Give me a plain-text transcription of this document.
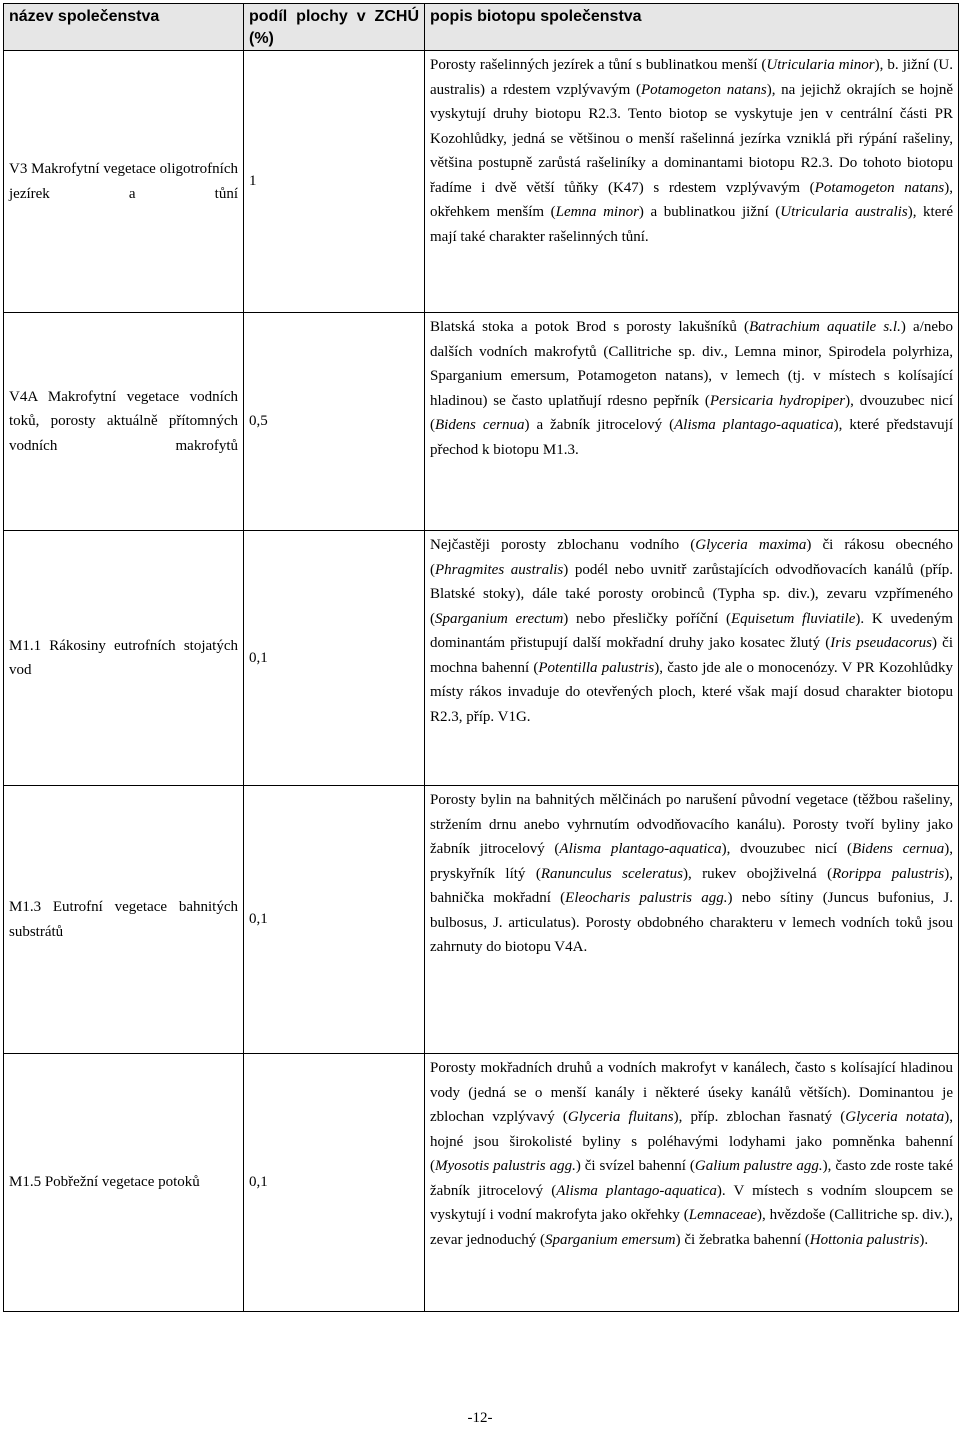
název společenstva	podíl plochy v ZCHÚ (%)	popis biotopu společenstva
V3 Makrofytní vegetace oligotrofních jezírek a tůní	1	Porosty rašelinných jezírek a tůní s bublinatkou menší (Utricularia minor), b. jižní (U. australis) a rdestem vzplývavým (Potamogeton natans), na jejichž okrajích se hojně vyskytují druhy biotopu R2.3. Tento biotop se vyskytuje jen v centrální části PR Kozohlůdky, jedná se většinou o menší rašelinná jezírka vzniklá při rýpání rašeliny, většina postupně zarůstá rašeliníky a dominantami biotopu R2.3. Do tohoto biotopu řadíme i dvě větší tůňky (K47) s rdestem vzplývavým (Potamogeton natans), okřehkem menším (Lemna minor) a bublinatkou jižní (Utricularia australis), které mají také charakter rašelinných tůní.
V4A Makrofytní vegetace vodních toků, porosty aktuálně přítomných vodních makrofytů	0,5	Blatská stoka a potok Brod s porosty lakušníků (Batrachium aquatile s.l.) a/nebo dalších vodních makrofytů (Callitriche sp. div., Lemna minor, Spirodela polyrhiza, Sparganium emersum, Potamogeton natans), v lemech (tj. v místech s kolísající hladinou) se často uplatňují rdesno pepřník (Persicaria hydropiper), dvouzubec nicí (Bidens cernua) a žabník jitrocelový (Alisma plantago-aquatica), které představují přechod k biotopu M1.3.
M1.1 Rákosiny eutrofních stojatých vod	0,1	Nejčastěji porosty zblochanu vodního (Glyceria maxima) či rákosu obecného (Phragmites australis) podél nebo uvnitř zarůstajících odvodňovacích kanálů (příp. Blatské stoky), dále také porosty orobinců (Typha sp. div.), zevaru vzpřímeného (Sparganium erectum) nebo přesličky poříční (Equisetum fluviatile). K uvedeným dominantám přistupují další mokřadní druhy jako kosatec žlutý (Iris pseudacorus) či mochna bahenní (Potentilla palustris), často jde ale o monocenózy. V PR Kozohlůdky místy rákos invaduje do otevřených ploch, které však mají dosud charakter biotopu R2.3, příp. V1G.
M1.3 Eutrofní vegetace bahnitých substrátů	0,1	Porosty bylin na bahnitých mělčinách po narušení původní vegetace (těžbou rašeliny, stržením drnu anebo vyhrnutím odvodňovacího kanálu). Porosty tvoří byliny jako žabník jitrocelový (Alisma plantago-aquatica), dvouzubec nicí (Bidens cernua), pryskyřník lítý (Ranunculus sceleratus), rukev obojživelná (Rorippa palustris), bahnička mokřadní (Eleocharis palustris agg.) nebo sítiny (Juncus bufonius, J. bulbosus, J. articulatus). Porosty obdobného charakteru v lemech vodních toků jsou zahrnuty do biotopu V4A.
M1.5 Pobřežní vegetace potoků	0,1	Porosty mokřadních druhů a vodních makrofyt v kanálech, často s kolísající hladinou vody (jedná se o menší kanály i některé úseky kanálů větších). Dominantou je zblochan vzplývavý (Glyceria fluitans), příp. zblochan řasnatý (Glyceria notata), hojné jsou širokolisté byliny s poléhavými lodyhami jako pomněnka bahenní (Myosotis palustris agg.) či svízel bahenní (Galium palustre agg.), často zde roste také žabník jitrocelový (Alisma plantago-aquatica). V místech s vodním sloupcem se vyskytují i vodní makrofyta jako okřehky (Lemnaceae), hvězdoše (Callitriche sp. div.), zevar jednoduchý (Sparganium emersum) či žebratka bahenní (Hottonia palustris).
-12-
